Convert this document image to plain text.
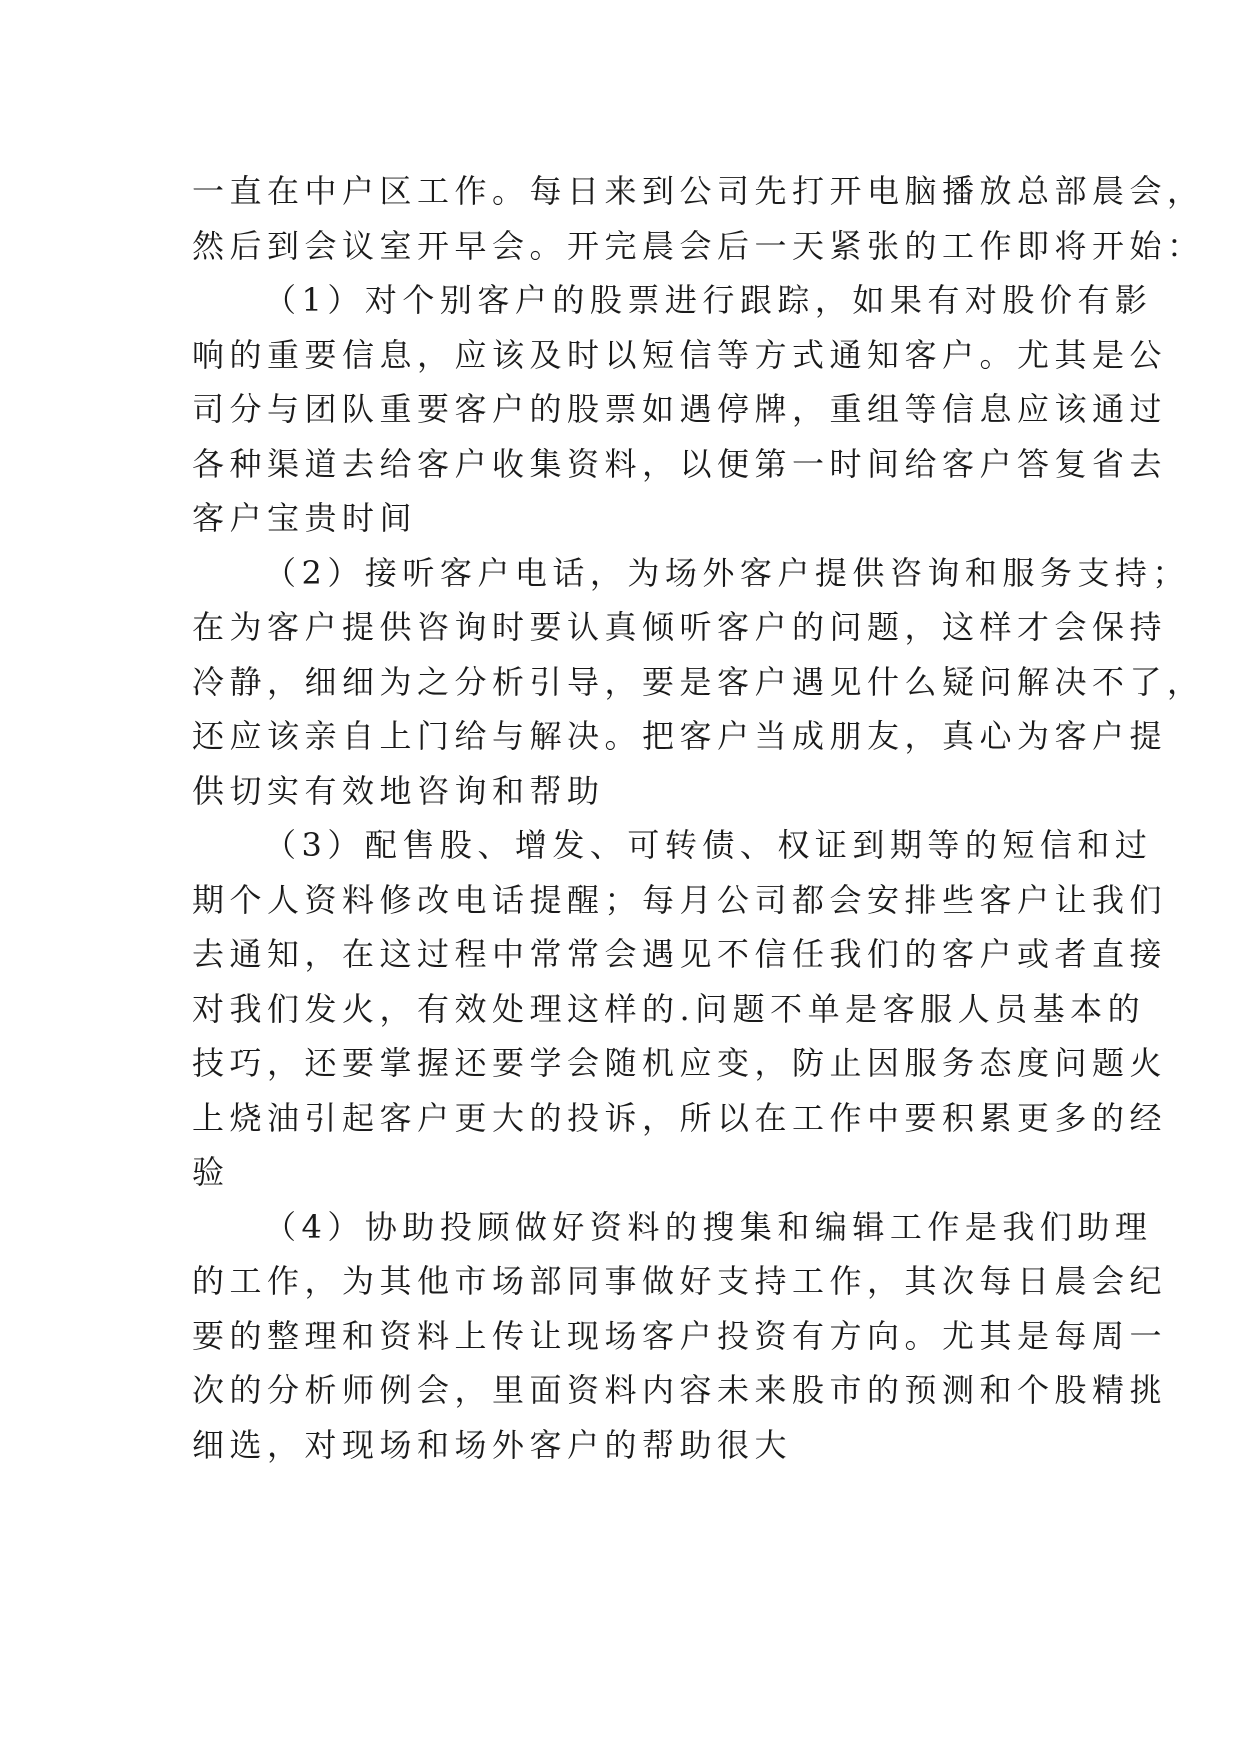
一直在中户区工作。每日来到公司先打开电脑播放总部晨会，

然后到会议室开早会。开完晨会后一天紧张的工作即将开始：

（1）对个别客户的股票进行跟踪，如果有对股价有影

响的重要信息，应该及时以短信等方式通知客户。尤其是公

司分与团队重要客户的股票如遇停牌，重组等信息应该通过

各种渠道去给客户收集资料，以便第一时间给客户答复省去

客户宝贵时间

（2）接听客户电话，为场外客户提供咨询和服务支持；

在为客户提供咨询时要认真倾听客户的问题，这样才会保持

冷静，细细为之分析引导，要是客户遇见什么疑问解决不了，

还应该亲自上门给与解决。把客户当成朋友，真心为客户提

供切实有效地咨询和帮助

（3）配售股、增发、可转债、权证到期等的短信和过

期个人资料修改电话提醒；每月公司都会安排些客户让我们

去通知，在这过程中常常会遇见不信任我们的客户或者直接

对我们发火，有效处理这样的.问题不单是客服人员基本的

技巧，还要掌握还要学会随机应变，防止因服务态度问题火

上烧油引起客户更大的投诉，所以在工作中要积累更多的经

验

（4）协助投顾做好资料的搜集和编辑工作是我们助理

的工作，为其他市场部同事做好支持工作，其次每日晨会纪

要的整理和资料上传让现场客户投资有方向。尤其是每周一

次的分析师例会，里面资料内容未来股市的预测和个股精挑

细选，对现场和场外客户的帮助很大
